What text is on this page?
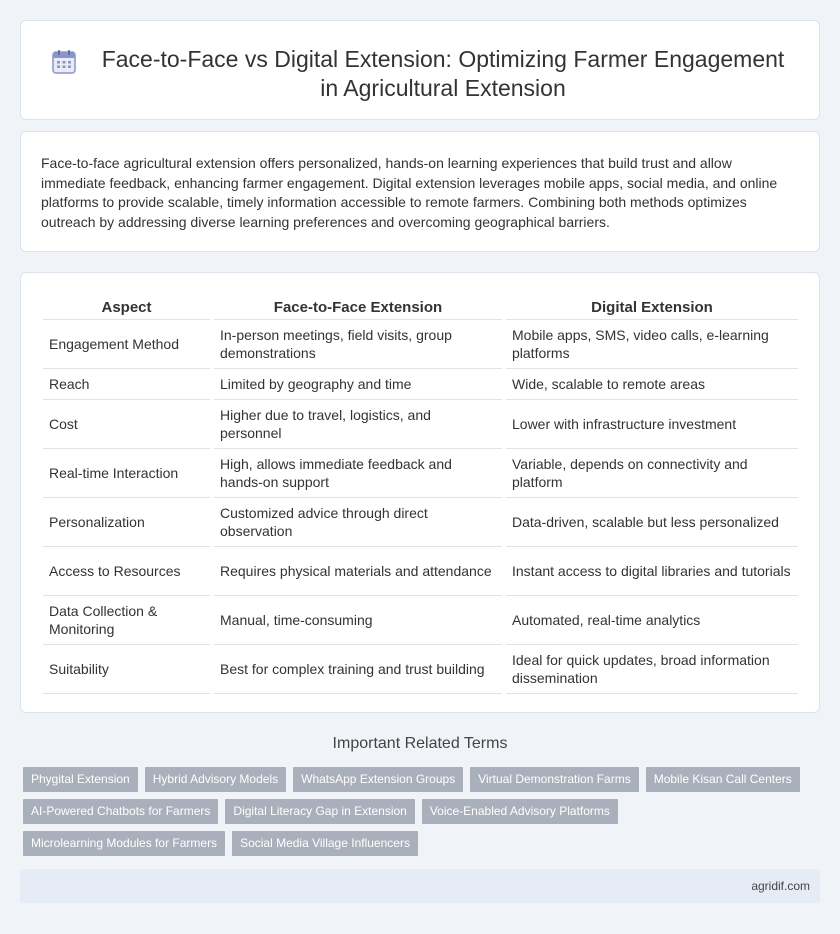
Face-to-Face vs Digital Extension: Optimizing Farmer Engagement in Agricultural Extension

Face-to-face agricultural extension offers personalized, hands-on learning experiences that build trust and allow immediate feedback, enhancing farmer engagement. Digital extension leverages mobile apps, social media, and online platforms to provide scalable, timely information accessible to remote farmers. Combining both methods optimizes outreach by addressing diverse learning preferences and overcoming geographical barriers.

Aspect		Face-to-Face Extension		Digital Extension
Engagement Method		In-person meetings, field visits, group demonstrations		Mobile apps, SMS, video calls, e-learning platforms
Reach		Limited by geography and time		Wide, scalable to remote areas
Cost		Higher due to travel, logistics, and personnel		Lower with infrastructure investment
Real-time Interaction		High, allows immediate feedback and hands-on support		Variable, depends on connectivity and platform
Personalization		Customized advice through direct observation		Data-driven, scalable but less personalized
Access to Resources		Requires physical materials and attendance		Instant access to digital libraries and tutorials
Data Collection & Monitoring		Manual, time-consuming		Automated, real-time analytics
Suitability		Best for complex training and trust building		Ideal for quick updates, broad information dissemination
Important Related Terms
Phygital Extension	Hybrid Advisory Models	WhatsApp Extension Groups	Virtual Demonstration Farms	Mobile Kisan Call Centers
AI-Powered Chatbots for Farmers	Digital Literacy Gap in Extension	Voice-Enabled Advisory Platforms
Microlearning Modules for Farmers	Social Media Village Influencers
agridif.com
